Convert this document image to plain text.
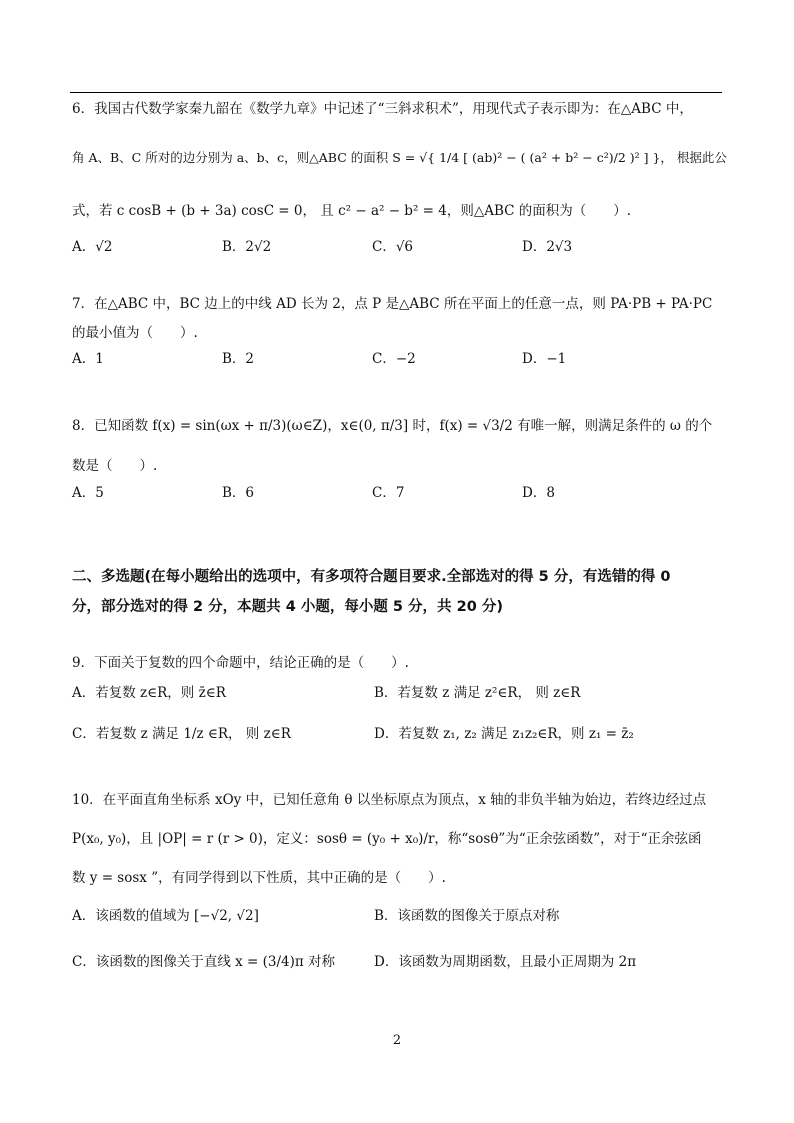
6．我国古代数学家秦九韶在《数学九章》中记述了“三斜求积术”，用现代式子表示即为：在△ABC 中，
角 A、B、C 所对的边分别为 a、b、c，则△ABC 的面积 S = √{ 1/4 [ (ab)² − ( (a² + b² − c²)/2 )² ] }， 根据此公
式，若 c cosB + (b + 3a) cosC = 0， 且 c² − a² − b² = 4，则△ABC 的面积为（　　）.
A．√2	B．2√2	C．√6	D．2√3
7．在△ABC 中，BC 边上的中线 AD 长为 2，点 P 是△ABC 所在平面上的任意一点，则 PA·PB + PA·PC
的最小值为（　　）.
A．1	B．2	C．−2	D．−1
8．已知函数 f(x) = sin(ωx + π/3)(ω∈Z)，x∈(0, π/3] 时，f(x) = √3/2 有唯一解，则满足条件的 ω 的个
数是（　　）.
A．5	B．6	C．7	D．8
二、多选题(在每小题给出的选项中，有多项符合题目要求.全部选对的得 5 分，有选错的得 0
分，部分选对的得 2 分，本题共 4 小题，每小题 5 分，共 20 分)
9．下面关于复数的四个命题中，结论正确的是（　　）.
A．若复数 z∈R，则 z̄∈R	B．若复数 z 满足 z²∈R， 则 z∈R
C．若复数 z 满足 1/z ∈R， 则 z∈R	D．若复数 z₁, z₂ 满足 z₁z₂∈R，则 z₁ = z̄₂
10．在平面直角坐标系 xOy 中，已知任意角 θ 以坐标原点为顶点，x 轴的非负半轴为始边，若终边经过点
P(x₀, y₀)，且 |OP| = r (r > 0)，定义：sosθ = (y₀ + x₀)/r，称“sosθ”为“正余弦函数”，对于“正余弦函
数 y = sosx ”，有同学得到以下性质，其中正确的是（　　）.
A．该函数的值域为 [−√2, √2]	B．该函数的图像关于原点对称
C．该函数的图像关于直线 x = (3/4)π 对称	D．该函数为周期函数，且最小正周期为 2π
2
